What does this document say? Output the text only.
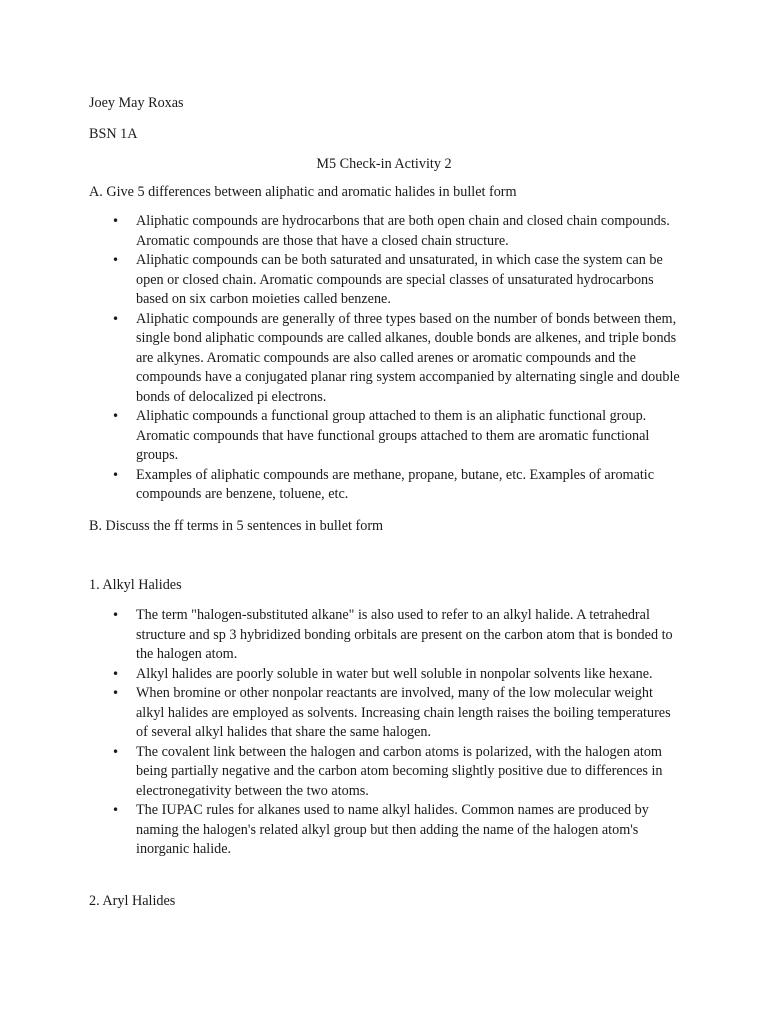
Joey May Roxas
BSN 1A
M5 Check-in Activity 2
A. Give 5 differences between aliphatic and aromatic halides in bullet form
• Aliphatic compounds are hydrocarbons that are both open chain and closed chain compounds. Aromatic compounds are those that have a closed chain structure.
• Aliphatic compounds can be both saturated and unsaturated, in which case the system can be open or closed chain. Aromatic compounds are special classes of unsaturated hydrocarbons based on six carbon moieties called benzene.
• Aliphatic compounds are generally of three types based on the number of bonds between them, single bond aliphatic compounds are called alkanes, double bonds are alkenes, and triple bonds are alkynes. Aromatic compounds are also called arenes or aromatic compounds and the compounds have a conjugated planar ring system accompanied by alternating single and double bonds of delocalized pi electrons.
• Aliphatic compounds a functional group attached to them is an aliphatic functional group. Aromatic compounds that have functional groups attached to them are aromatic functional groups.
• Examples of aliphatic compounds are methane, propane, butane, etc. Examples of aromatic compounds are benzene, toluene, etc.
B. Discuss the ff terms in 5 sentences in bullet form
1. Alkyl Halides
• The term "halogen-substituted alkane" is also used to refer to an alkyl halide. A tetrahedral structure and sp 3 hybridized bonding orbitals are present on the carbon atom that is bonded to the halogen atom.
• Alkyl halides are poorly soluble in water but well soluble in nonpolar solvents like hexane.
• When bromine or other nonpolar reactants are involved, many of the low molecular weight alkyl halides are employed as solvents. Increasing chain length raises the boiling temperatures of several alkyl halides that share the same halogen.
• The covalent link between the halogen and carbon atoms is polarized, with the halogen atom being partially negative and the carbon atom becoming slightly positive due to differences in electronegativity between the two atoms.
• The IUPAC rules for alkanes used to name alkyl halides. Common names are produced by naming the halogen's related alkyl group but then adding the name of the halogen atom's inorganic halide.
2. Aryl Halides
